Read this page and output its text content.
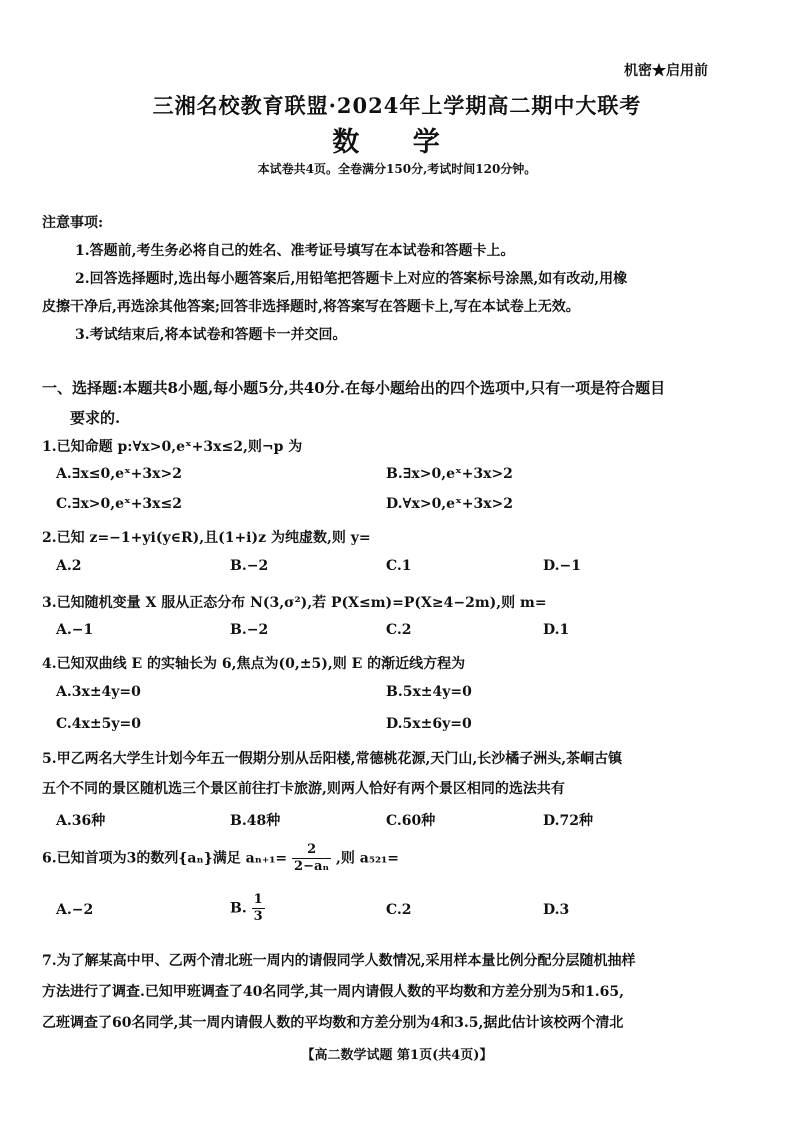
机密★启用前
三湘名校教育联盟·2024年上学期高二期中大联考
数 学
本试卷共4页。全卷满分150分,考试时间120分钟。
注意事项:
1.答题前,考生务必将自己的姓名、准考证号填写在本试卷和答题卡上。
2.回答选择题时,选出每小题答案后,用铅笔把答题卡上对应的答案标号涂黑,如有改动,用橡
皮擦干净后,再选涂其他答案;回答非选择题时,将答案写在答题卡上,写在本试卷上无效。
3.考试结束后,将本试卷和答题卡一并交回。
一、选择题:本题共8小题,每小题5分,共40分.在每小题给出的四个选项中,只有一项是符合题目
要求的.
1.已知命题 p:∀x>0,eˣ+3x≤2,则¬p 为
A.∃x≤0,eˣ+3x>2	B.∃x>0,eˣ+3x>2
C.∃x>0,eˣ+3x≤2	D.∀x>0,eˣ+3x>2
2.已知 z=−1+yi(y∈R),且(1+i)z 为纯虚数,则 y=
A.2	B.−2	C.1	D.−1
3.已知随机变量 X 服从正态分布 N(3,σ²),若 P(X≤m)=P(X≥4−2m),则 m=
A.−1	B.−2	C.2	D.1
4.已知双曲线 E 的实轴长为 6,焦点为(0,±5),则 E 的渐近线方程为
A.3x±4y=0	B.5x±4y=0
C.4x±5y=0	D.5x±6y=0
5.甲乙两名大学生计划今年五一假期分别从岳阳楼,常德桃花源,天门山,长沙橘子洲头,茶峒古镇
五个不同的景区随机选三个景区前往打卡旅游,则两人恰好有两个景区相同的选法共有
A.36种	B.48种	C.60种	D.72种
6.已知首项为3的数列{aₙ}满足 $a_{n+1}= \frac{2}{\text{2−aₙ}}$ ,则 a₅₂₁=
A.−2	B. $\frac{1}{3}$	C.2	D.3
7.为了解某高中甲、乙两个清北班一周内的请假同学人数情况,采用样本量比例分配分层随机抽样
方法进行了调查.已知甲班调查了40名同学,其一周内请假人数的平均数和方差分别为5和1.65,
乙班调查了60名同学,其一周内请假人数的平均数和方差分别为4和3.5,据此估计该校两个清北
【高二数学试题 第1页(共4页)】
